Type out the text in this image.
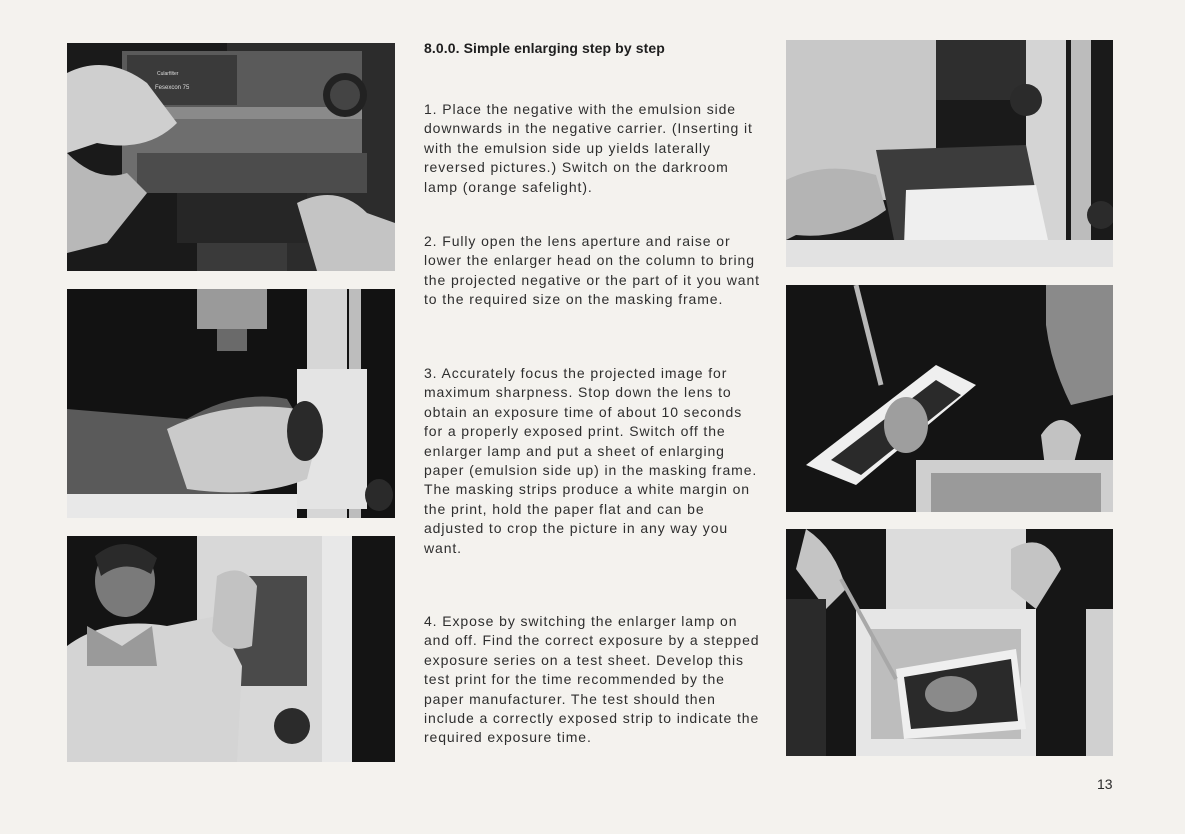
Cularfilter
Fesexcon 75
8.0.0. Simple enlarging step by step

1. Place the negative with the emulsion side downwards in the negative carrier. (Inserting it with the emulsion side up yields laterally reversed pictures.) Switch on the darkroom lamp (orange safelight).

2. Fully open the lens aperture and raise or lower the enlarger head on the column to bring the projected negative or the part of it you want to the required size on the masking frame.

3. Accurately focus the projected image for maximum sharpness. Stop down the lens to obtain an exposure time of about 10 seconds for a properly exposed print. Switch off the enlarger lamp and put a sheet of enlarging paper (emulsion side up) in the masking frame. The masking strips produce a white margin on the print, hold the paper flat and can be adjusted to crop the picture in any way you want.

4. Expose by switching the enlarger lamp on and off. Find the correct exposure by a stepped exposure series on a test sheet. Develop this test print for the time recommended by the paper manufacturer. The test should then include a correctly exposed strip to indicate the required exposure time.

13
